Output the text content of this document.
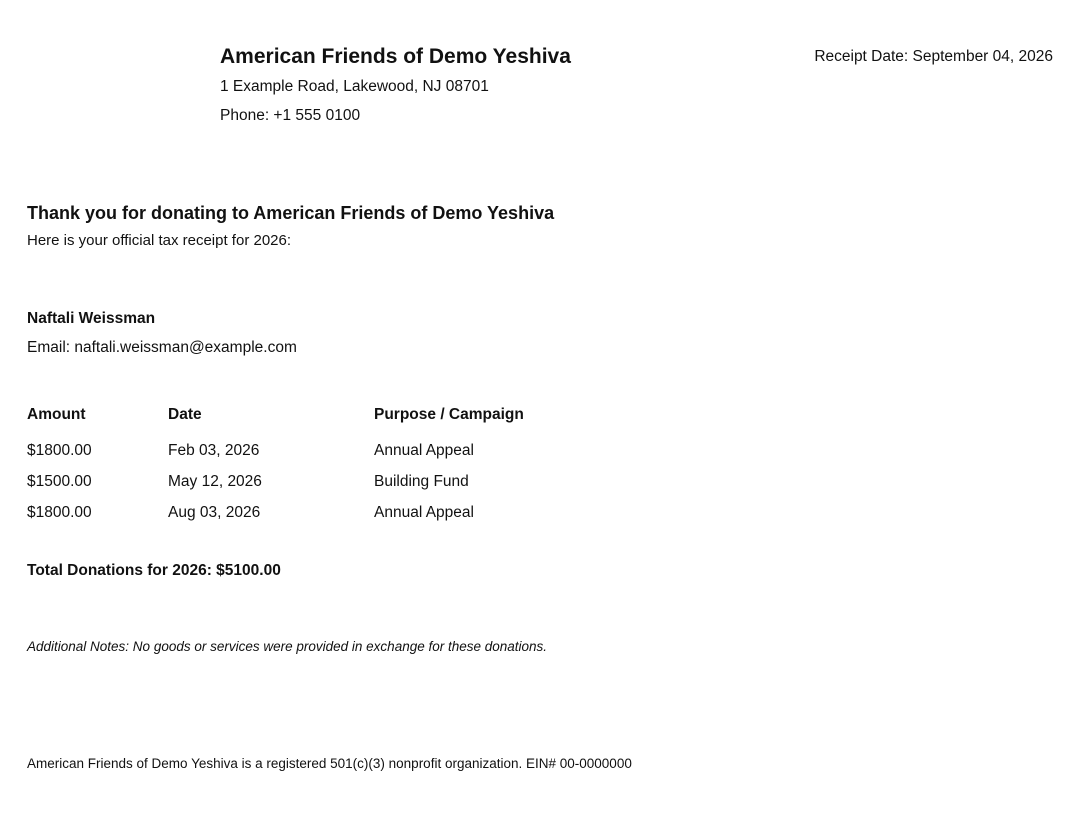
American Friends of Demo Yeshiva
1 Example Road, Lakewood, NJ 08701
Phone: +1 555 0100
Receipt Date: September 04, 2026
Thank you for donating to American Friends of Demo Yeshiva
Here is your official tax receipt for 2026:
Naftali Weissman
Email: naftali.weissman@example.com
Amount	Date	Purpose / Campaign
$1800.00	Feb 03, 2026	Annual Appeal
$1500.00	May 12, 2026	Building Fund
$1800.00	Aug 03, 2026	Annual Appeal
Total Donations for 2026: $5100.00
Additional Notes: No goods or services were provided in exchange for these donations.
American Friends of Demo Yeshiva is a registered 501(c)(3) nonprofit organization. EIN# 00-0000000
